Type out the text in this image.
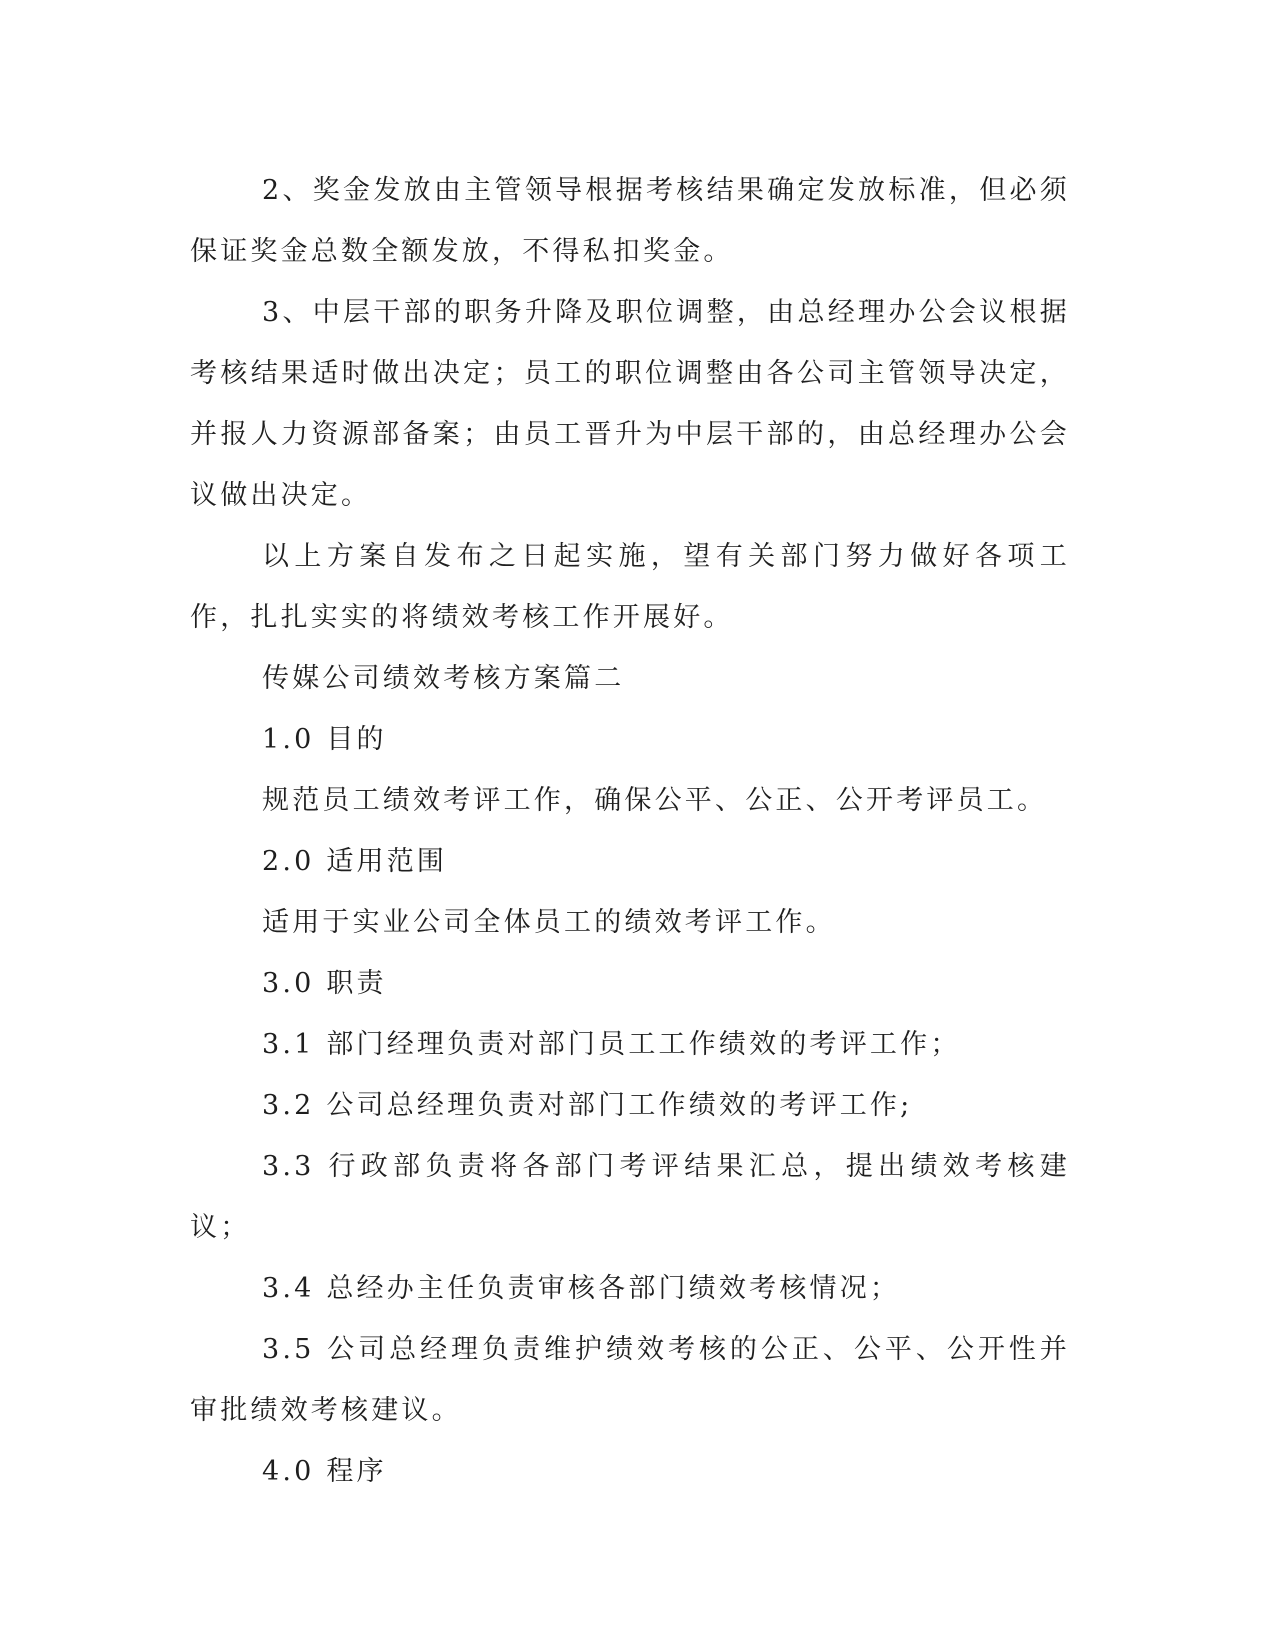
2、奖金发放由主管领导根据考核结果确定发放标准，但必须保证奖金总数全额发放，不得私扣奖金。

3、中层干部的职务升降及职位调整，由总经理办公会议根据考核结果适时做出决定；员工的职位调整由各公司主管领导决定，并报人力资源部备案；由员工晋升为中层干部的，由总经理办公会议做出决定。

以上方案自发布之日起实施，望有关部门努力做好各项工作，扎扎实实的将绩效考核工作开展好。

传媒公司绩效考核方案篇二

1.0 目的

规范员工绩效考评工作，确保公平、公正、公开考评员工。

2.0 适用范围

适用于实业公司全体员工的绩效考评工作。

3.0 职责

3.1 部门经理负责对部门员工工作绩效的考评工作；

3.2 公司总经理负责对部门工作绩效的考评工作;

3.3 行政部负责将各部门考评结果汇总，提出绩效考核建议；

3.4 总经办主任负责审核各部门绩效考核情况；

3.5 公司总经理负责维护绩效考核的公正、公平、公开性并审批绩效考核建议。

4.0 程序
